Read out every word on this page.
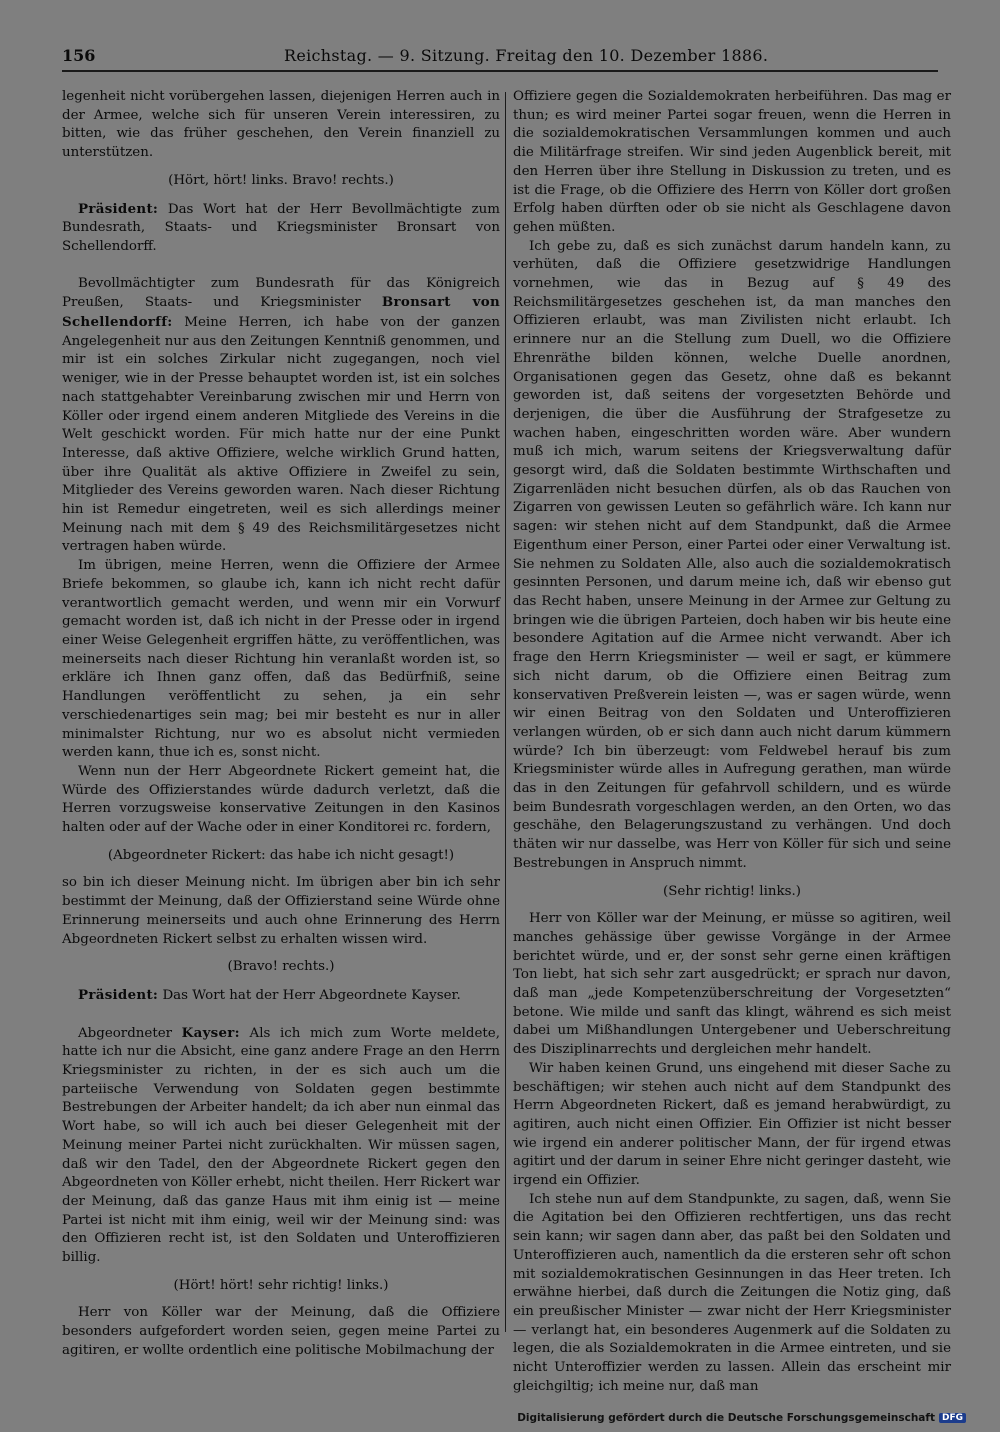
156	Reichstag. — 9. Sitzung. Freitag den 10. Dezember 1886.

legenheit nicht vorübergehen lassen, diejenigen Herren auch in der Armee, welche sich für unseren Verein interessiren, zu bitten, wie das früher geschehen, den Verein finanziell zu unterstützen.

(Hört, hört! links. Bravo! rechts.)

Präsident: Das Wort hat der Herr Bevollmächtigte zum Bundesrath, Staats- und Kriegsminister Bronsart von Schellendorff.

Bevollmächtigter zum Bundesrath für das Königreich Preußen, Staats- und Kriegsminister Bronsart von Schellendorff: Meine Herren, ich habe von der ganzen Angelegenheit nur aus den Zeitungen Kenntniß genommen, und mir ist ein solches Zirkular nicht zugegangen, noch viel weniger, wie in der Presse behauptet worden ist, ist ein solches nach stattgehabter Vereinbarung zwischen mir und Herrn von Köller oder irgend einem anderen Mitgliede des Vereins in die Welt geschickt worden. Für mich hatte nur der eine Punkt Interesse, daß aktive Offiziere, welche wirklich Grund hatten, über ihre Qualität als aktive Offiziere in Zweifel zu sein, Mitglieder des Vereins geworden waren. Nach dieser Richtung hin ist Remedur eingetreten, weil es sich allerdings meiner Meinung nach mit dem § 49 des Reichsmilitärgesetzes nicht vertragen haben würde.

Im übrigen, meine Herren, wenn die Offiziere der Armee Briefe bekommen, so glaube ich, kann ich nicht recht dafür verantwortlich gemacht werden, und wenn mir ein Vorwurf gemacht worden ist, daß ich nicht in der Presse oder in irgend einer Weise Gelegenheit ergriffen hätte, zu veröffentlichen, was meinerseits nach dieser Richtung hin veranlaßt worden ist, so erkläre ich Ihnen ganz offen, daß das Bedürfniß, seine Handlungen veröffentlicht zu sehen, ja ein sehr verschiedenartiges sein mag; bei mir besteht es nur in aller minimalster Richtung, nur wo es absolut nicht vermieden werden kann, thue ich es, sonst nicht.

Wenn nun der Herr Abgeordnete Rickert gemeint hat, die Würde des Offizierstandes würde dadurch verletzt, daß die Herren vorzugsweise konservative Zeitungen in den Kasinos halten oder auf der Wache oder in einer Konditorei rc. fordern,

(Abgeordneter Rickert: das habe ich nicht gesagt!)

so bin ich dieser Meinung nicht. Im übrigen aber bin ich sehr bestimmt der Meinung, daß der Offizierstand seine Würde ohne Erinnerung meinerseits und auch ohne Erinnerung des Herrn Abgeordneten Rickert selbst zu erhalten wissen wird.

(Bravo! rechts.)

Präsident: Das Wort hat der Herr Abgeordnete Kayser.

Abgeordneter Kayser: Als ich mich zum Worte meldete, hatte ich nur die Absicht, eine ganz andere Frage an den Herrn Kriegsminister zu richten, in der es sich auch um die parteiische Verwendung von Soldaten gegen bestimmte Bestrebungen der Arbeiter handelt; da ich aber nun einmal das Wort habe, so will ich auch bei dieser Gelegenheit mit der Meinung meiner Partei nicht zurückhalten. Wir müssen sagen, daß wir den Tadel, den der Abgeordnete Rickert gegen den Abgeordneten von Köller erhebt, nicht theilen. Herr Rickert war der Meinung, daß das ganze Haus mit ihm einig ist — meine Partei ist nicht mit ihm einig, weil wir der Meinung sind: was den Offizieren recht ist, ist den Soldaten und Unteroffizieren billig.

(Hört! hört! sehr richtig! links.)

Herr von Köller war der Meinung, daß die Offiziere besonders aufgefordert worden seien, gegen meine Partei zu agitiren, er wollte ordentlich eine politische Mobilmachung der

Offiziere gegen die Sozialdemokraten herbeiführen. Das mag er thun; es wird meiner Partei sogar freuen, wenn die Herren in die sozialdemokratischen Versammlungen kommen und auch die Militärfrage streifen. Wir sind jeden Augenblick bereit, mit den Herren über ihre Stellung in Diskussion zu treten, und es ist die Frage, ob die Offiziere des Herrn von Köller dort großen Erfolg haben dürften oder ob sie nicht als Geschlagene davon gehen müßten.

Ich gebe zu, daß es sich zunächst darum handeln kann, zu verhüten, daß die Offiziere gesetzwidrige Handlungen vornehmen, wie das in Bezug auf § 49 des Reichsmilitärgesetzes geschehen ist, da man manches den Offizieren erlaubt, was man Zivilisten nicht erlaubt. Ich erinnere nur an die Stellung zum Duell, wo die Offiziere Ehrenräthe bilden können, welche Duelle anordnen, Organisationen gegen das Gesetz, ohne daß es bekannt geworden ist, daß seitens der vorgesetzten Behörde und derjenigen, die über die Ausführung der Strafgesetze zu wachen haben, eingeschritten worden wäre. Aber wundern muß ich mich, warum seitens der Kriegsverwaltung dafür gesorgt wird, daß die Soldaten bestimmte Wirthschaften und Zigarrenläden nicht besuchen dürfen, als ob das Rauchen von Zigarren von gewissen Leuten so gefährlich wäre. Ich kann nur sagen: wir stehen nicht auf dem Standpunkt, daß die Armee Eigenthum einer Person, einer Partei oder einer Verwaltung ist. Sie nehmen zu Soldaten Alle, also auch die sozialdemokratisch gesinnten Personen, und darum meine ich, daß wir ebenso gut das Recht haben, unsere Meinung in der Armee zur Geltung zu bringen wie die übrigen Parteien, doch haben wir bis heute eine besondere Agitation auf die Armee nicht verwandt. Aber ich frage den Herrn Kriegsminister — weil er sagt, er kümmere sich nicht darum, ob die Offiziere einen Beitrag zum konservativen Preßverein leisten —, was er sagen würde, wenn wir einen Beitrag von den Soldaten und Unteroffizieren verlangen würden, ob er sich dann auch nicht darum kümmern würde? Ich bin überzeugt: vom Feldwebel herauf bis zum Kriegsminister würde alles in Aufregung gerathen, man würde das in den Zeitungen für gefahrvoll schildern, und es würde beim Bundesrath vorgeschlagen werden, an den Orten, wo das geschähe, den Belagerungszustand zu verhängen. Und doch thäten wir nur dasselbe, was Herr von Köller für sich und seine Bestrebungen in Anspruch nimmt.

(Sehr richtig! links.)

Herr von Köller war der Meinung, er müsse so agitiren, weil manches gehässige über gewisse Vorgänge in der Armee berichtet würde, und er, der sonst sehr gerne einen kräftigen Ton liebt, hat sich sehr zart ausgedrückt; er sprach nur davon, daß man „jede Kompetenzüberschreitung der Vorgesetzten“ betone. Wie milde und sanft das klingt, während es sich meist dabei um Mißhandlungen Untergebener und Ueberschreitung des Disziplinarrechts und dergleichen mehr handelt.

Wir haben keinen Grund, uns eingehend mit dieser Sache zu beschäftigen; wir stehen auch nicht auf dem Standpunkt des Herrn Abgeordneten Rickert, daß es jemand herabwürdigt, zu agitiren, auch nicht einen Offizier. Ein Offizier ist nicht besser wie irgend ein anderer politischer Mann, der für irgend etwas agitirt und der darum in seiner Ehre nicht geringer dasteht, wie irgend ein Offizier.

Ich stehe nun auf dem Standpunkte, zu sagen, daß, wenn Sie die Agitation bei den Offizieren rechtfertigen, uns das recht sein kann; wir sagen dann aber, das paßt bei den Soldaten und Unteroffizieren auch, namentlich da die ersteren sehr oft schon mit sozialdemokratischen Gesinnungen in das Heer treten. Ich erwähne hierbei, daß durch die Zeitungen die Notiz ging, daß ein preußischer Minister — zwar nicht der Herr Kriegsminister — verlangt hat, ein besonderes Augenmerk auf die Soldaten zu legen, die als Sozialdemokraten in die Armee eintreten, und sie nicht Unteroffizier werden zu lassen. Allein das erscheint mir gleichgiltig; ich meine nur, daß man

Digitalisierung gefördert durch die Deutsche Forschungsgemeinschaft DFG
